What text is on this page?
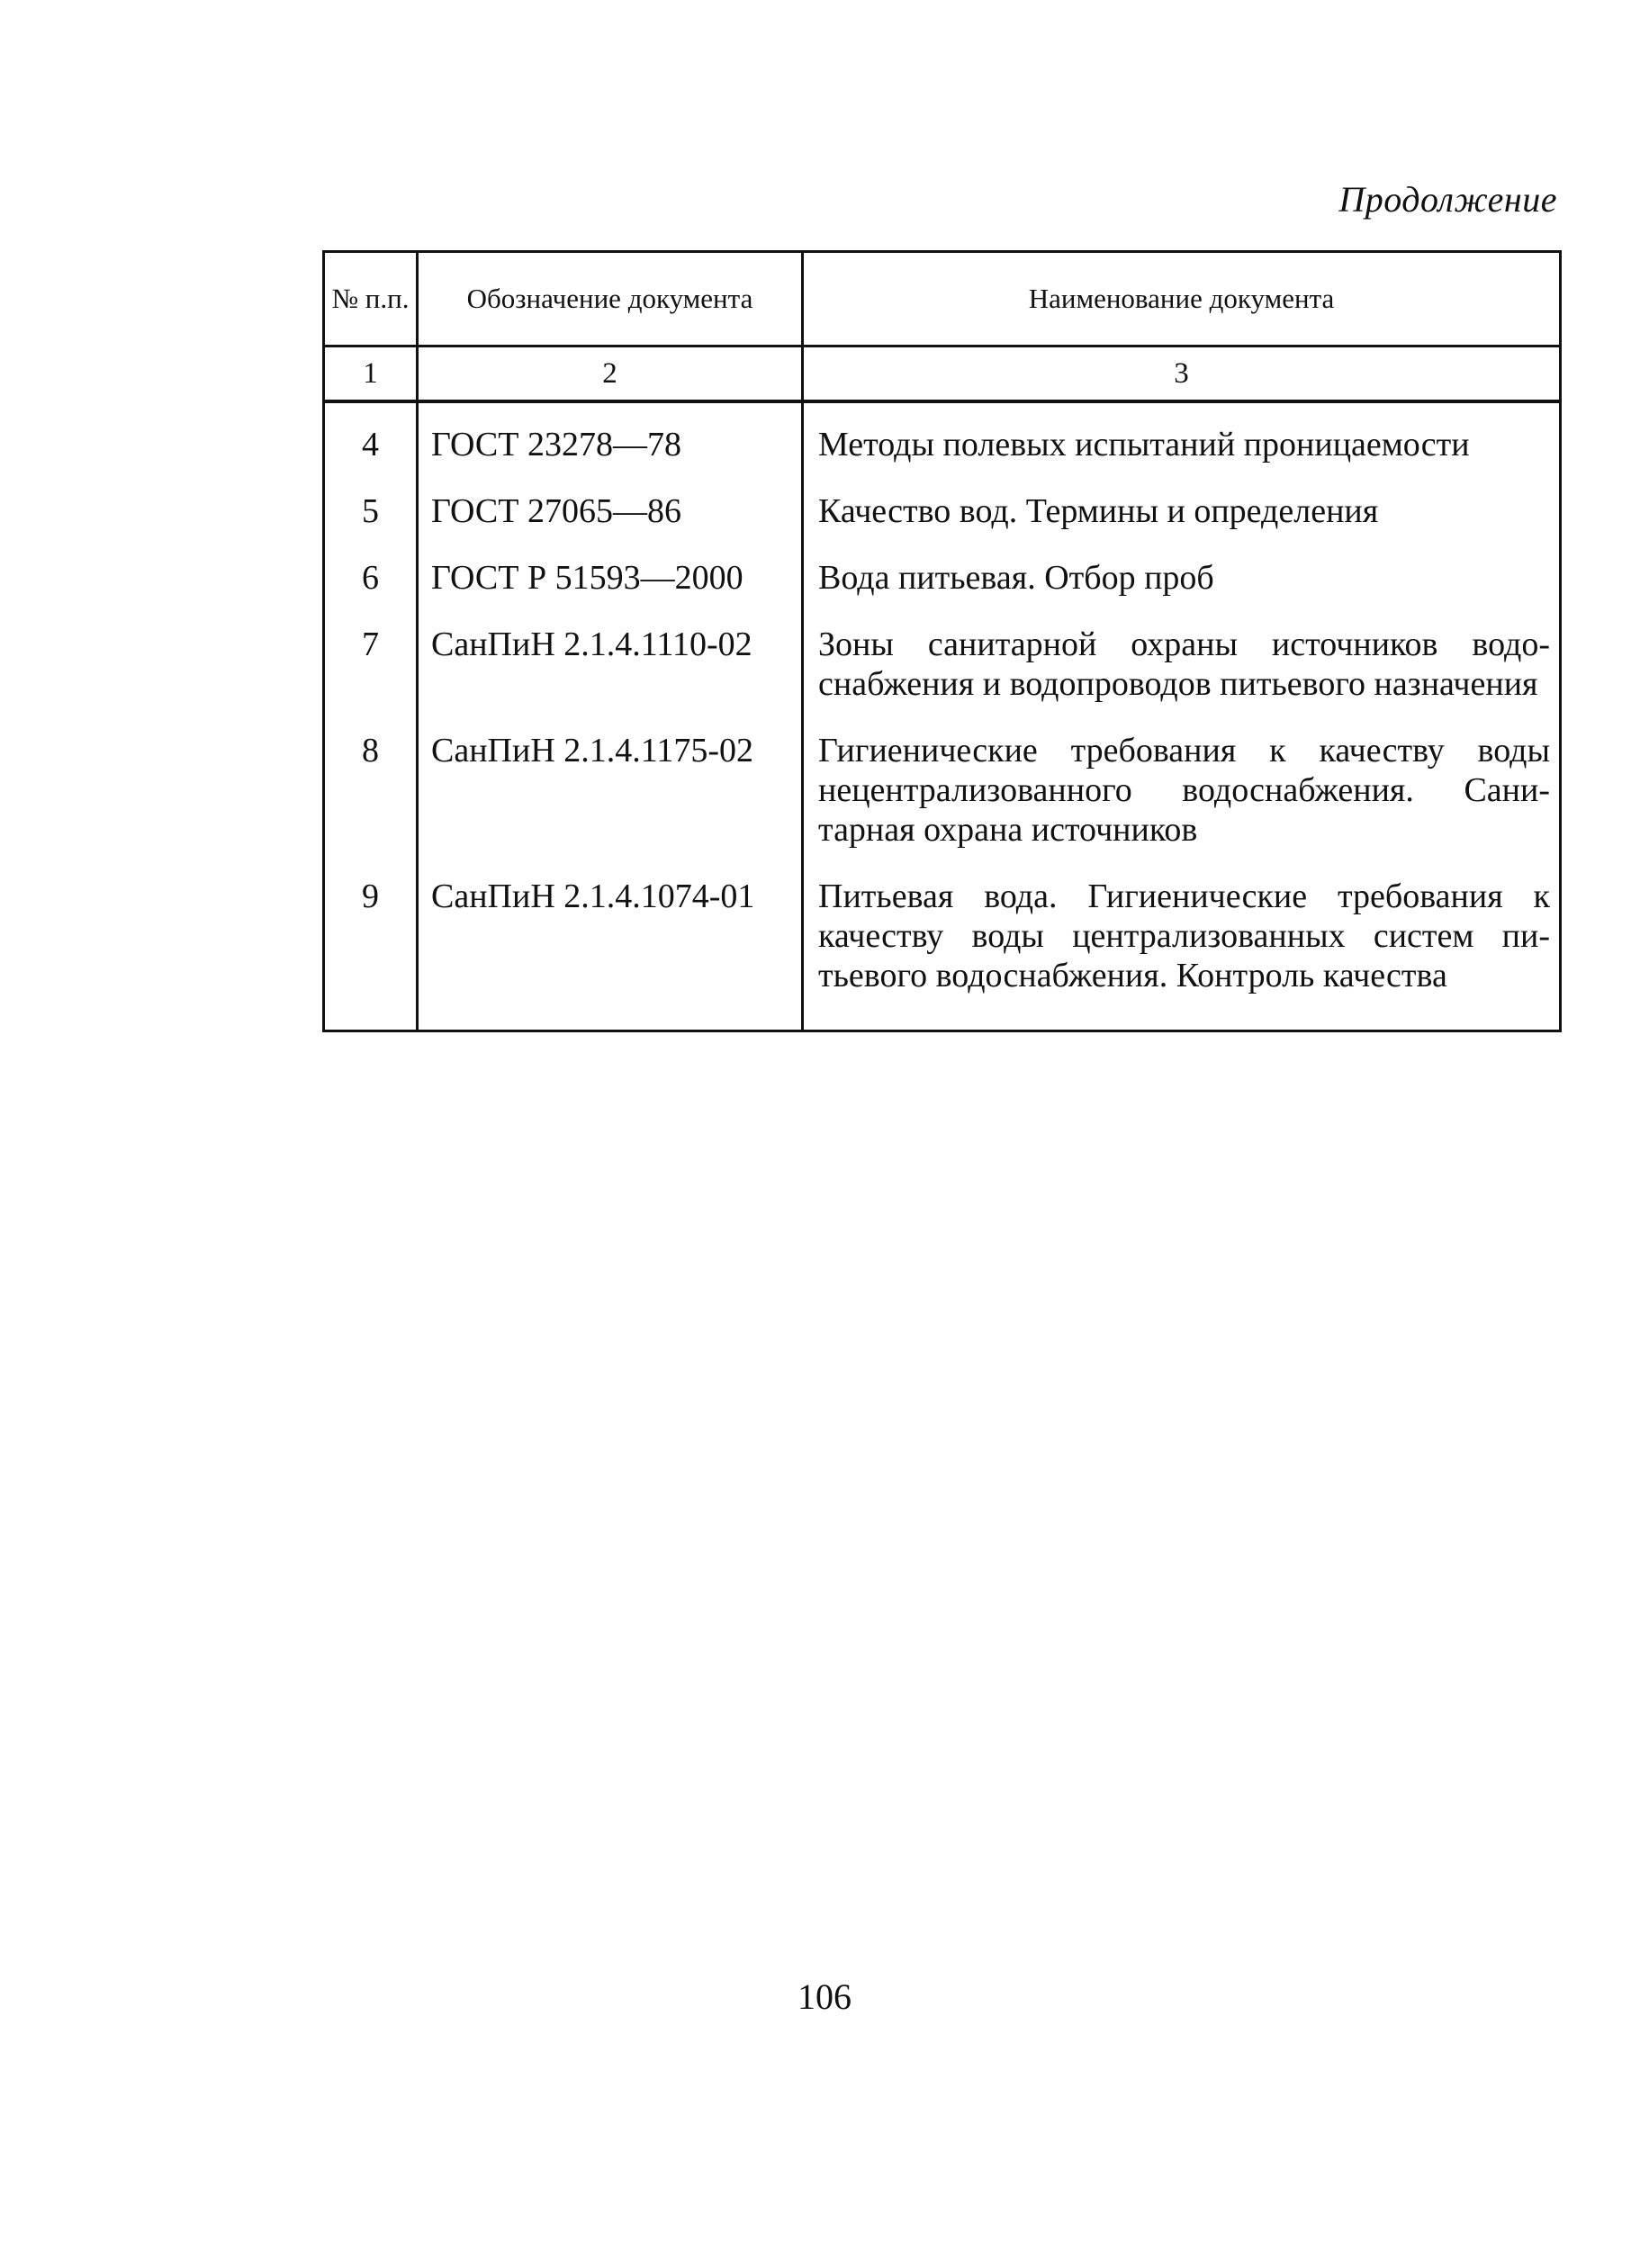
Продолжение
№ п.п.	Обозначение документа	Наименование документа
1	2	3
4	ГОСТ 23278—78	Методы полевых испытаний проницаемости
5	ГОСТ 27065—86	Качество вод. Термины и определения
6	ГОСТ Р 51593—2000	Вода питьевая. Отбор проб
7	СанПиН 2.1.4.1110-02	Зоны санитарной охраны источников водоснабжения и водопроводов питьевого назначения
8	СанПиН 2.1.4.1175-02	Гигиенические требования к качеству воды нецентрализованного водоснабжения. Санитарная охрана источников
9	СанПиН 2.1.4.1074-01	Питьевая вода. Гигиенические требования к качеству воды централизованных систем питьевого водоснабжения. Контроль качества
106
